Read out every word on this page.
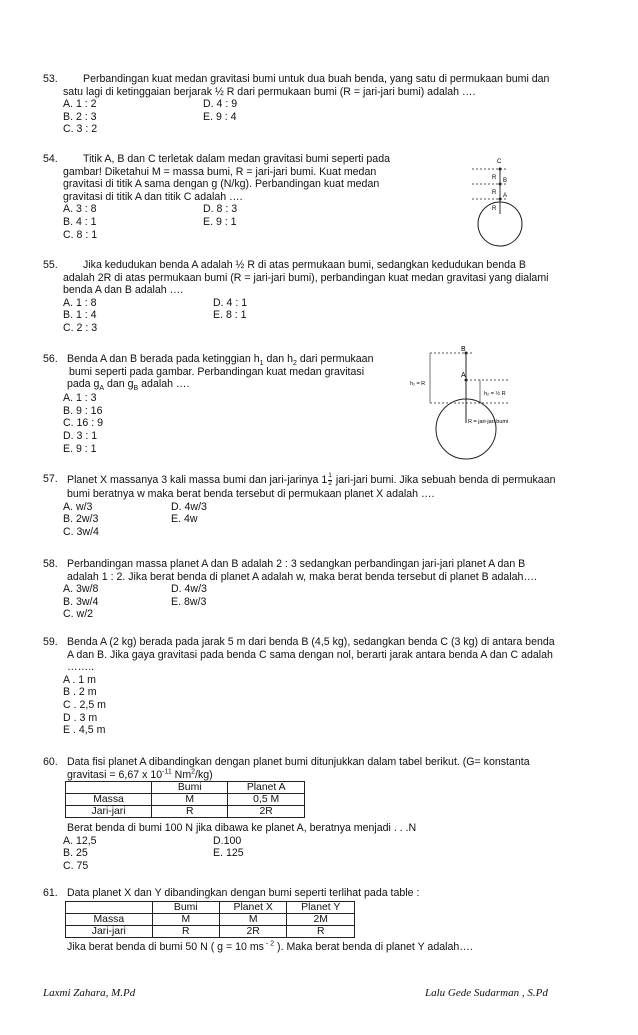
53. Perbandingan kuat medan gravitasi bumi untuk dua buah benda, yang satu di permukaan bumi dan
satu lagi di ketinggaian berjarak ½ R dari permukaan bumi (R = jari-jari bumi) adalah ….
A. 1 : 2	D. 4 : 9
B. 2 : 3	E. 9 : 4
C. 3 : 2
54. Titik A, B dan C terletak dalam medan gravitasi bumi seperti pada
gambar! Diketahui M = massa bumi, R = jari-jari bumi. Kuat medan
gravitasi di titik A sama dengan g (N/kg). Perbandingan kuat medan
gravitasi di titik A dan titik C adalah ….
A. 3 : 8	D. 8 : 3
B. 4 : 1	E. 9 : 1
C. 8 : 1
C
B
A
R
R
R
55. Jika kedudukan benda A adalah ½ R di atas permukaan bumi, sedangkan kedudukan benda B
adalah 2R di atas permukaan bumi (R = jari-jari bumi), perbandingan kuat medan gravitasi yang dialami
benda A dan B adalah ….
A. 1 : 8	D. 4 : 1
B. 1 : 4	E. 8 : 1
C. 2 : 3
56. Benda A dan B berada pada ketinggian $h_1$ dan $h_2$ dari permukaan
bumi seperti pada gambar. Perbandingan kuat medan gravitasi
pada $g_A$ dan $g_B$ adalah ….
A. 1 : 3
B. 9 : 16
C. 16 : 9
D. 3 : 1
E. 9 : 1
B
A
h₁ = R
h₂ = ½ R
R = jari-jari bumi
57. Planet X massanya 3 kali massa bumi dan jari-jarinya $1 \frac{1}{2}$ jari-jari bumi. Jika sebuah benda di permukaan
bumi beratnya w maka berat benda tersebut di permukaan planet X adalah ….
A. w/3	D. 4w/3
B. 2w/3	E. 4w
C. 3w/4
58. Perbandingan massa planet A dan B adalah 2 : 3 sedangkan perbandingan jari-jari planet A dan B
adalah 1 : 2. Jika berat benda di planet A adalah w, maka berat benda tersebut di planet B adalah….
A. 3w/8	D. 4w/3
B. 3w/4	E. 8w/3
C. w/2
59. Benda A (2 kg) berada pada jarak 5 m dari benda B (4,5 kg), sedangkan benda C (3 kg) di antara benda
A dan B. Jika gaya gravitasi pada benda C sama dengan nol, berarti jarak antara benda A dan C adalah
……..
A . 1 m
B . 2 m
C . 2,5 m
D . 3 m
E . 4,5 m
60. Data fisi planet A dibandingkan dengan planet bumi ditunjukkan dalam tabel berikut. (G= konstanta
gravitasi = 6,67 x $10^{-11}$ Nm$^2$/kg)
	Bumi	Planet A
Massa	M	0,5 M
Jari-jari	R	2R
Berat benda di bumi 100 N jika dibawa ke planet A, beratnya menjadi . . .N
A. 12,5	D.100
B. 25	E. 125
C. 75
61. Data planet X dan Y dibandingkan dengan bumi seperti terlihat pada table :
	Bumi	Planet X	Planet Y
Massa	M	M	2M
Jari-jari	R	2R	R
Jika berat benda di bumi 50 N ( g = 10 ms $^{- 2}$ ). Maka berat benda di planet Y adalah….
Laxmi Zahara, M.Pd	Lalu Gede Sudarman , S.Pd
